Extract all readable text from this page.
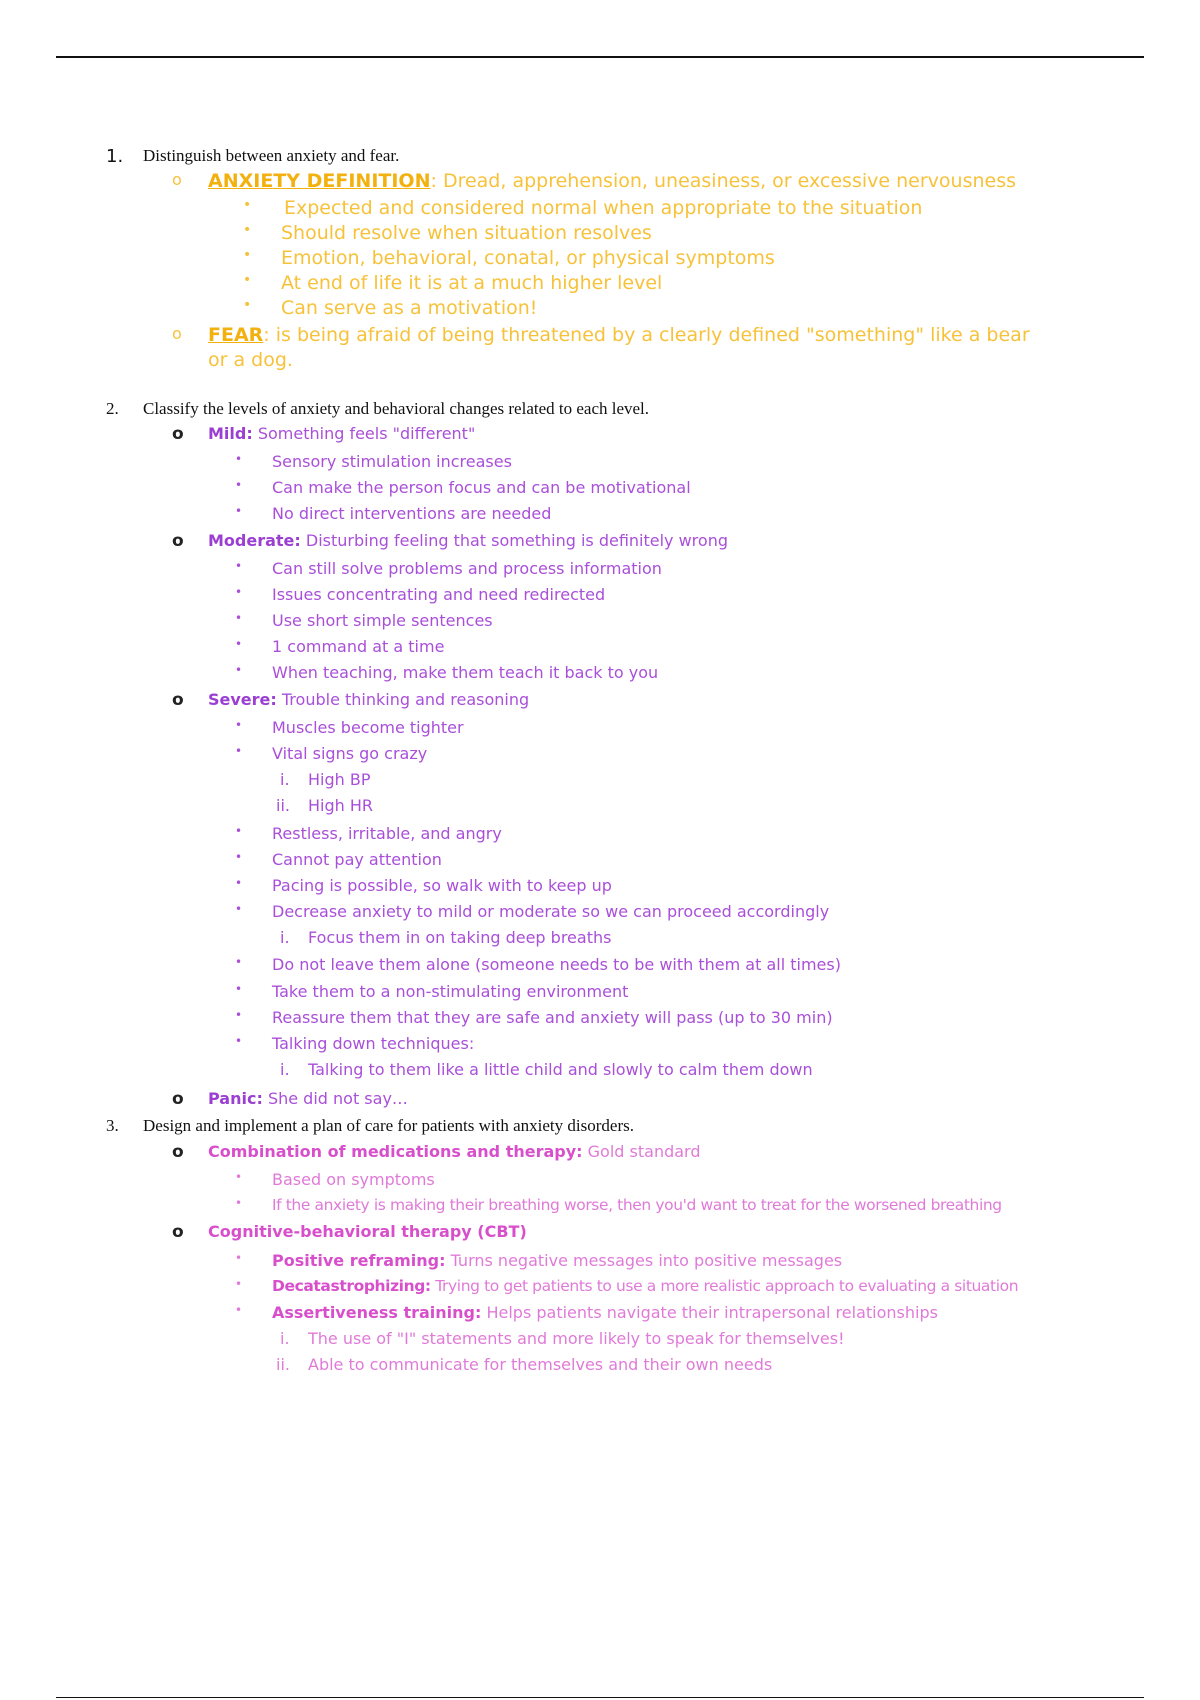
1. Distinguish between anxiety and fear.
o ANXIETY DEFINITION: Dread, apprehension, uneasiness, or excessive nervousness
• Expected and considered normal when appropriate to the situation
• Should resolve when situation resolves
• Emotion, behavioral, conatal, or physical symptoms
• At end of life it is at a much higher level
• Can serve as a motivation!
o FEAR: is being afraid of being threatened by a clearly defined "something" like a bear
or a dog.
2. Classify the levels of anxiety and behavioral changes related to each level.
o Mild: Something feels "different"
• Sensory stimulation increases
• Can make the person focus and can be motivational
• No direct interventions are needed
o Moderate: Disturbing feeling that something is definitely wrong
• Can still solve problems and process information
• Issues concentrating and need redirected
• Use short simple sentences
• 1 command at a time
• When teaching, make them teach it back to you
o Severe: Trouble thinking and reasoning
• Muscles become tighter
• Vital signs go crazy
i. High BP
ii. High HR
• Restless, irritable, and angry
• Cannot pay attention
• Pacing is possible, so walk with to keep up
• Decrease anxiety to mild or moderate so we can proceed accordingly
i. Focus them in on taking deep breaths
• Do not leave them alone (someone needs to be with them at all times)
• Take them to a non-stimulating environment
• Reassure them that they are safe and anxiety will pass (up to 30 min)
• Talking down techniques:
i. Talking to them like a little child and slowly to calm them down
o Panic: She did not say…
3. Design and implement a plan of care for patients with anxiety disorders.
o Combination of medications and therapy: Gold standard
• Based on symptoms
• If the anxiety is making their breathing worse, then you'd want to treat for the worsened breathing
o Cognitive-behavioral therapy (CBT)
• Positive reframing: Turns negative messages into positive messages
• Decatastrophizing: Trying to get patients to use a more realistic approach to evaluating a situation
• Assertiveness training: Helps patients navigate their intrapersonal relationships
i. The use of "I" statements and more likely to speak for themselves!
ii. Able to communicate for themselves and their own needs
